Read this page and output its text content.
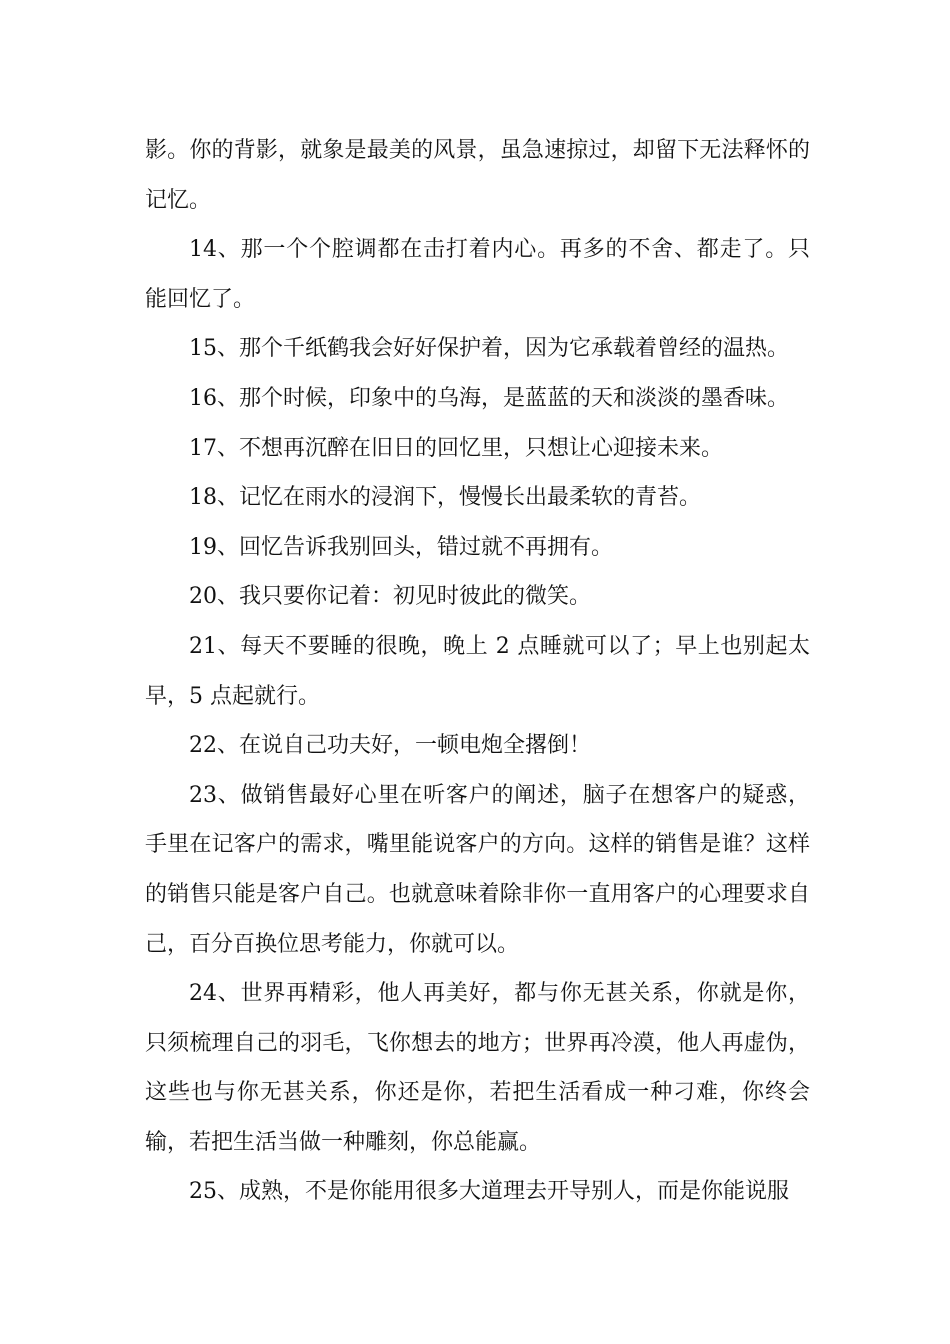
影。你的背影，就象是最美的风景，虽急速掠过，却留下无法释怀的记忆。

14、那一个个腔调都在击打着内心。再多的不舍、都走了。只能回忆了。

15、那个千纸鹤我会好好保护着，因为它承载着曾经的温热。

16、那个时候，印象中的乌海，是蓝蓝的天和淡淡的墨香味。

17、不想再沉醉在旧日的回忆里，只想让心迎接未来。

18、记忆在雨水的浸润下，慢慢长出最柔软的青苔。

19、回忆告诉我别回头，错过就不再拥有。

20、我只要你记着：初见时彼此的微笑。

21、每天不要睡的很晚，晚上 2 点睡就可以了；早上也别起太早，5 点起就行。

22、在说自己功夫好，一顿电炮全撂倒！

23、做销售最好心里在听客户的阐述，脑子在想客户的疑惑，手里在记客户的需求，嘴里能说客户的方向。这样的销售是谁？这样的销售只能是客户自己。也就意味着除非你一直用客户的心理要求自己，百分百换位思考能力，你就可以。

24、世界再精彩，他人再美好，都与你无甚关系，你就是你，只须梳理自己的羽毛，飞你想去的地方；世界再冷漠，他人再虚伪，这些也与你无甚关系，你还是你，若把生活看成一种刁难，你终会输，若把生活当做一种雕刻，你总能赢。

25、成熟，不是你能用很多大道理去开导别人，而是你能说服
